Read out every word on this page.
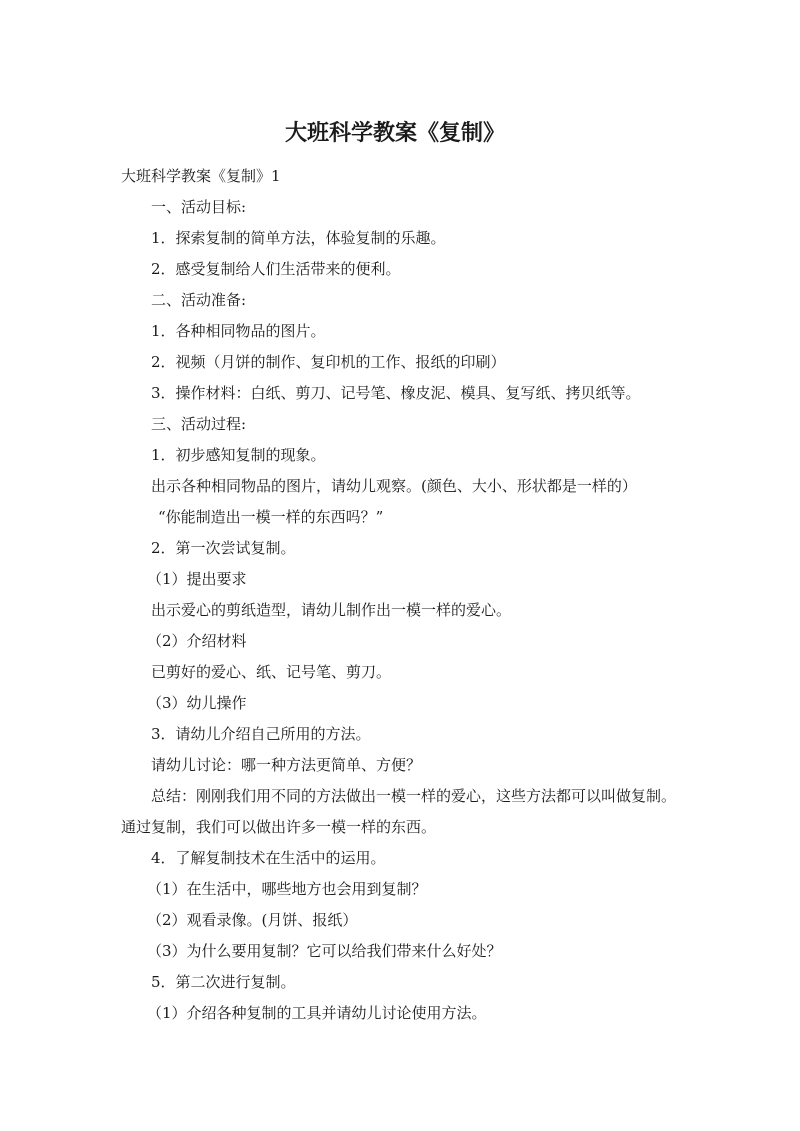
大班科学教案《复制》

大班科学教案《复制》1

一、活动目标:

1．探索复制的简单方法，体验复制的乐趣。

2．感受复制给人们生活带来的便利。

二、活动准备:

1．各种相同物品的图片。

2．视频（月饼的制作、复印机的工作、报纸的印刷）

3．操作材料：白纸、剪刀、记号笔、橡皮泥、模具、复写纸、拷贝纸等。

三、活动过程:

1．初步感知复制的现象。

出示各种相同物品的图片，请幼儿观察。(颜色、大小、形状都是一样的）

“你能制造出一模一样的东西吗？”

2．第一次尝试复制。

（1）提出要求

出示爱心的剪纸造型，请幼儿制作出一模一样的爱心。

（2）介绍材料

已剪好的爱心、纸、记号笔、剪刀。

（3）幼儿操作

3．请幼儿介绍自己所用的方法。

请幼儿讨论：哪一种方法更简单、方便？

总结：刚刚我们用不同的方法做出一模一样的爱心，这些方法都可以叫做复制。通过复制，我们可以做出许多一模一样的东西。

4．了解复制技术在生活中的运用。

（1）在生活中，哪些地方也会用到复制？

（2）观看录像。(月饼、报纸）

（3）为什么要用复制？它可以给我们带来什么好处？

5．第二次进行复制。

（1）介绍各种复制的工具并请幼儿讨论使用方法。
